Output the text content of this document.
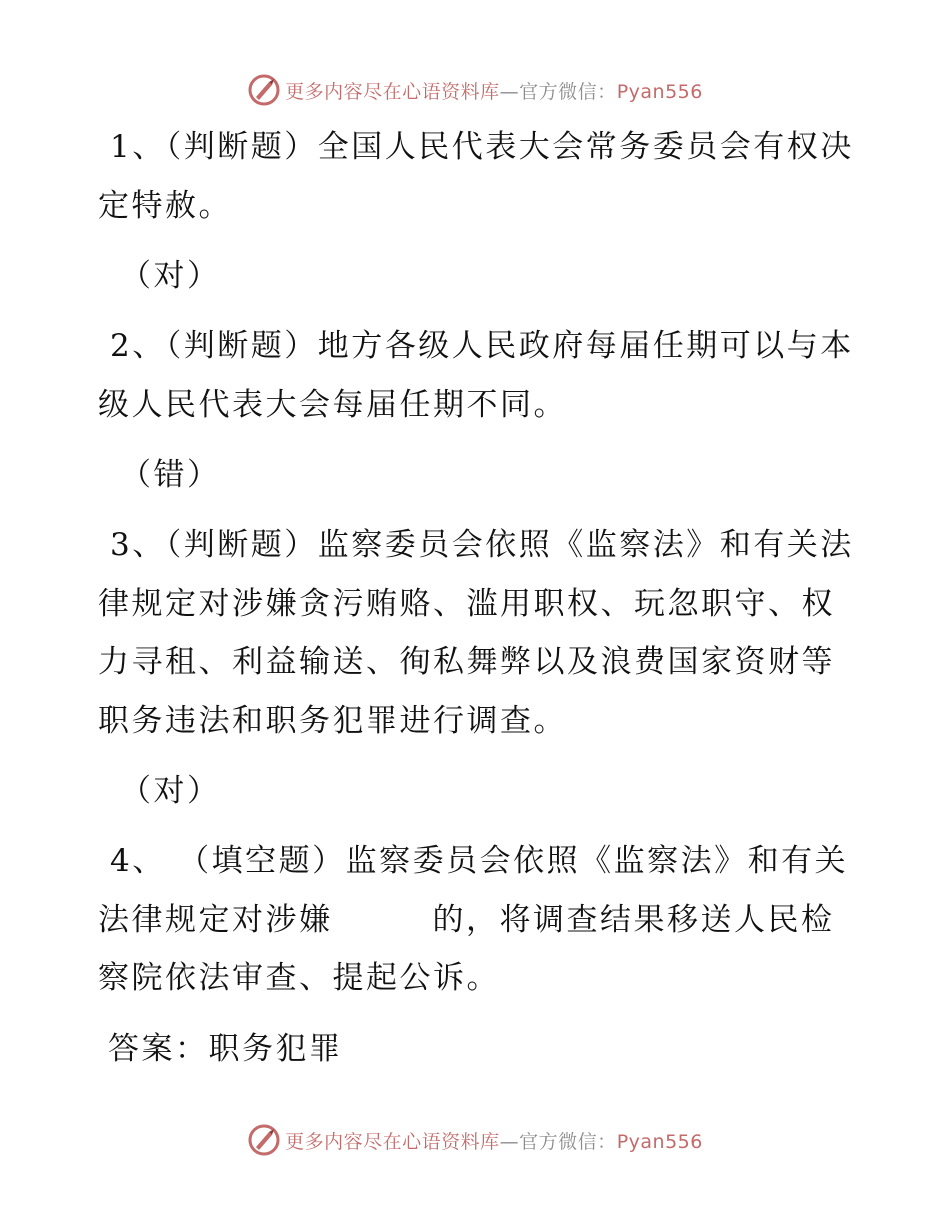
更多内容尽在心语资料库—官方微信：Pyan556

1、（判断题）全国人民代表大会常务委员会有权决定特赦。

（对）

2、（判断题）地方各级人民政府每届任期可以与本级人民代表大会每届任期不同。

（错）

3、（判断题）监察委员会依照《监察法》和有关法律规定对涉嫌贪污贿赂、滥用职权、玩忽职守、权力寻租、利益输送、徇私舞弊以及浪费国家资财等职务违法和职务犯罪进行调查。

（对）

4、 （填空题）监察委员会依照《监察法》和有关法律规定对涉嫌	的，将调查结果移送人民检察院依法审查、提起公诉。

答案：职务犯罪

更多内容尽在心语资料库—官方微信：Pyan556
